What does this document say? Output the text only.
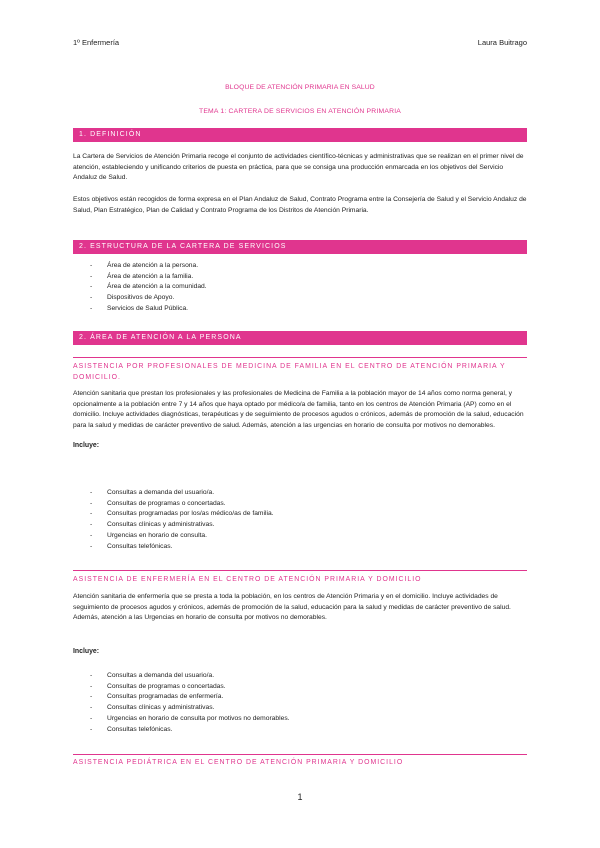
1º Enfermería	Laura Buitrago
BLOQUE DE ATENCIÓN PRIMARIA EN SALUD
TEMA 1: CARTERA DE SERVICIOS EN ATENCIÓN PRIMARIA
1. DEFINICIÓN
La Cartera de Servicios de Atención Primaria recoge el conjunto de actividades científico-técnicas y administrativas que se realizan en el primer nivel de atención, estableciendo y unificando criterios de puesta en práctica, para que se consiga una producción enmarcada en los objetivos del Servicio Andaluz de Salud.
Estos objetivos están recogidos de forma expresa en el Plan Andaluz de Salud, Contrato Programa entre la Consejería de Salud y el Servicio Andaluz de Salud, Plan Estratégico, Plan de Calidad y Contrato Programa de los Distritos de Atención Primaria.
2. ESTRUCTURA DE LA CARTERA DE SERVICIOS
- Área de atención a la persona.
- Área de atención a la familia.
- Área de atención a la comunidad.
- Dispositivos de Apoyo.
- Servicios de Salud Pública.
2. ÁREA DE ATENCIÓN A LA PERSONA
ASISTENCIA POR PROFESIONALES DE MEDICINA DE FAMILIA EN EL CENTRO DE ATENCIÓN PRIMARIA Y DOMICILIO.
Atención sanitaria que prestan los profesionales y las profesionales de Medicina de Familia a la población mayor de 14 años como norma general, y opcionalmente a la población entre 7 y 14 años que haya optado por médico/a de familia, tanto en los centros de Atención Primaria (AP) como en el domicilio. Incluye actividades diagnósticas, terapéuticas y de seguimiento de procesos agudos o crónicos, además de promoción de la salud, educación para la salud y medidas de carácter preventivo de salud. Además, atención a las urgencias en horario de consulta por motivos no demorables.
Incluye:
- Consultas a demanda del usuario/a.
- Consultas de programas o concertadas.
- Consultas programadas por los/as médico/as de familia.
- Consultas clínicas y administrativas.
- Urgencias en horario de consulta.
- Consultas telefónicas.
ASISTENCIA DE ENFERMERÍA EN EL CENTRO DE ATENCIÓN PRIMARIA Y DOMICILIO
Atención sanitaria de enfermería que se presta a toda la población, en los centros de Atención Primaria y en el domicilio. Incluye actividades de seguimiento de procesos agudos y crónicos, además de promoción de la salud, educación para la salud y medidas de carácter preventivo de salud. Además, atención a las Urgencias en horario de consulta por motivos no demorables.
Incluye:
- Consultas a demanda del usuario/a.
- Consultas de programas o concertadas.
- Consultas programadas de enfermería.
- Consultas clínicas y administrativas.
- Urgencias en horario de consulta por motivos no demorables.
- Consultas telefónicas.
ASISTENCIA PEDIÁTRICA EN EL CENTRO DE ATENCIÓN PRIMARIA Y DOMICILIO
1
